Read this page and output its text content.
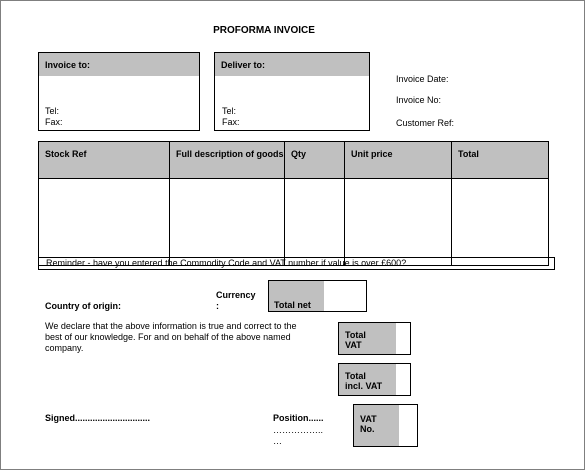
PROFORMA INVOICE
Invoice to:
Tel:
Fax:
Deliver to:
Tel:
Fax:
Invoice Date:
Invoice No:
Customer Ref:
Stock Ref	Full description of goods	Qty	Unit price	Total

Reminder - have you entered the Commodity Code and VAT number if value is over £600?
Country of origin:
Currency
:	Total net
We declare that the above information is true and correct to the
best of our knowledge. For and on behalf of the above named
company.
Total
VAT
Total
incl. VAT
Signed..............................	Position......
……………..
…
VAT
No.
